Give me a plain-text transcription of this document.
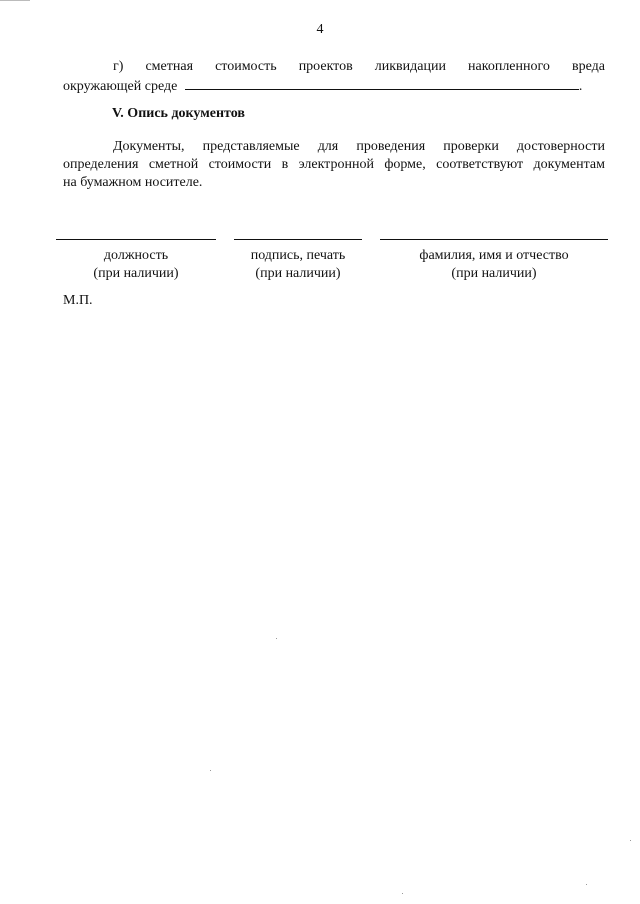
4
г) сметная стоимость проектов ликвидации накопленного вреда
окружающей среде	.
V. Опись документов
Документы, представляемые для проведения проверки достоверности
определения сметной стоимости в электронной форме, соответствуют документам
на бумажном носителе.
должность
(при наличии)
подпись, печать
(при наличии)
фамилия, имя и отчество
(при наличии)
М.П.
